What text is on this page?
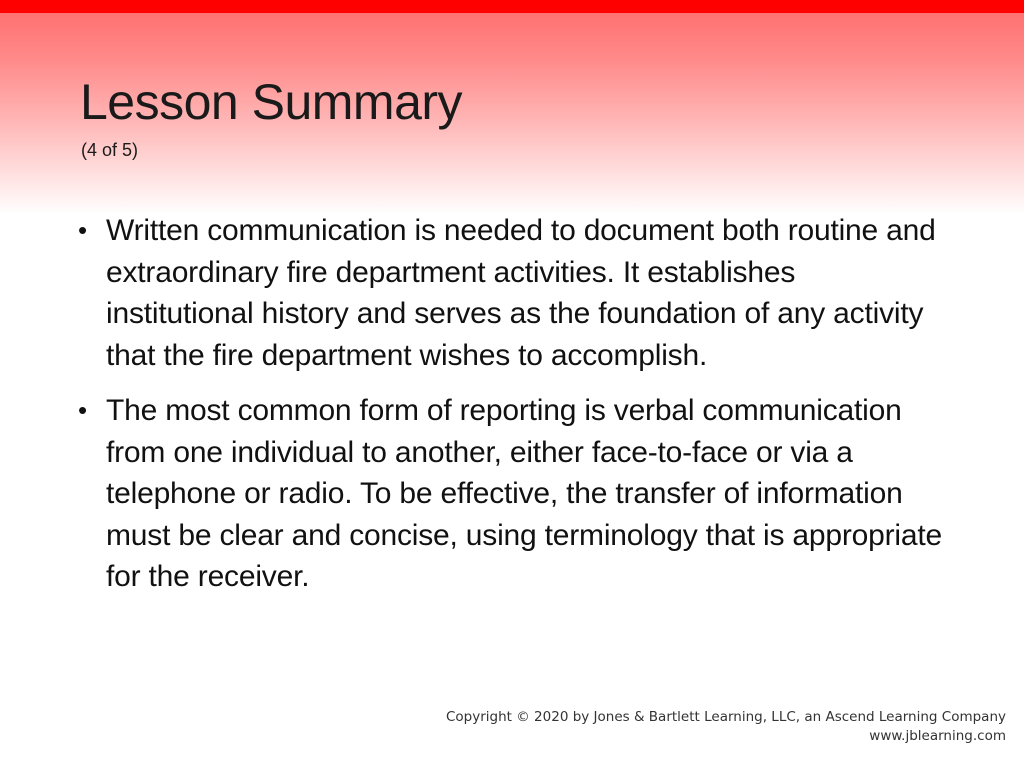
Lesson Summary
(4 of 5)
• Written communication is needed to document both routine and extraordinary fire department activities. It establishes institutional history and serves as the foundation of any activity that the fire department wishes to accomplish.
• The most common form of reporting is verbal communication from one individual to another, either face-to-face or via a telephone or radio. To be effective, the transfer of information must be clear and concise, using terminology that is appropriate for the receiver.
Copyright © 2020 by Jones & Bartlett Learning, LLC, an Ascend Learning Company
www.jblearning.com
